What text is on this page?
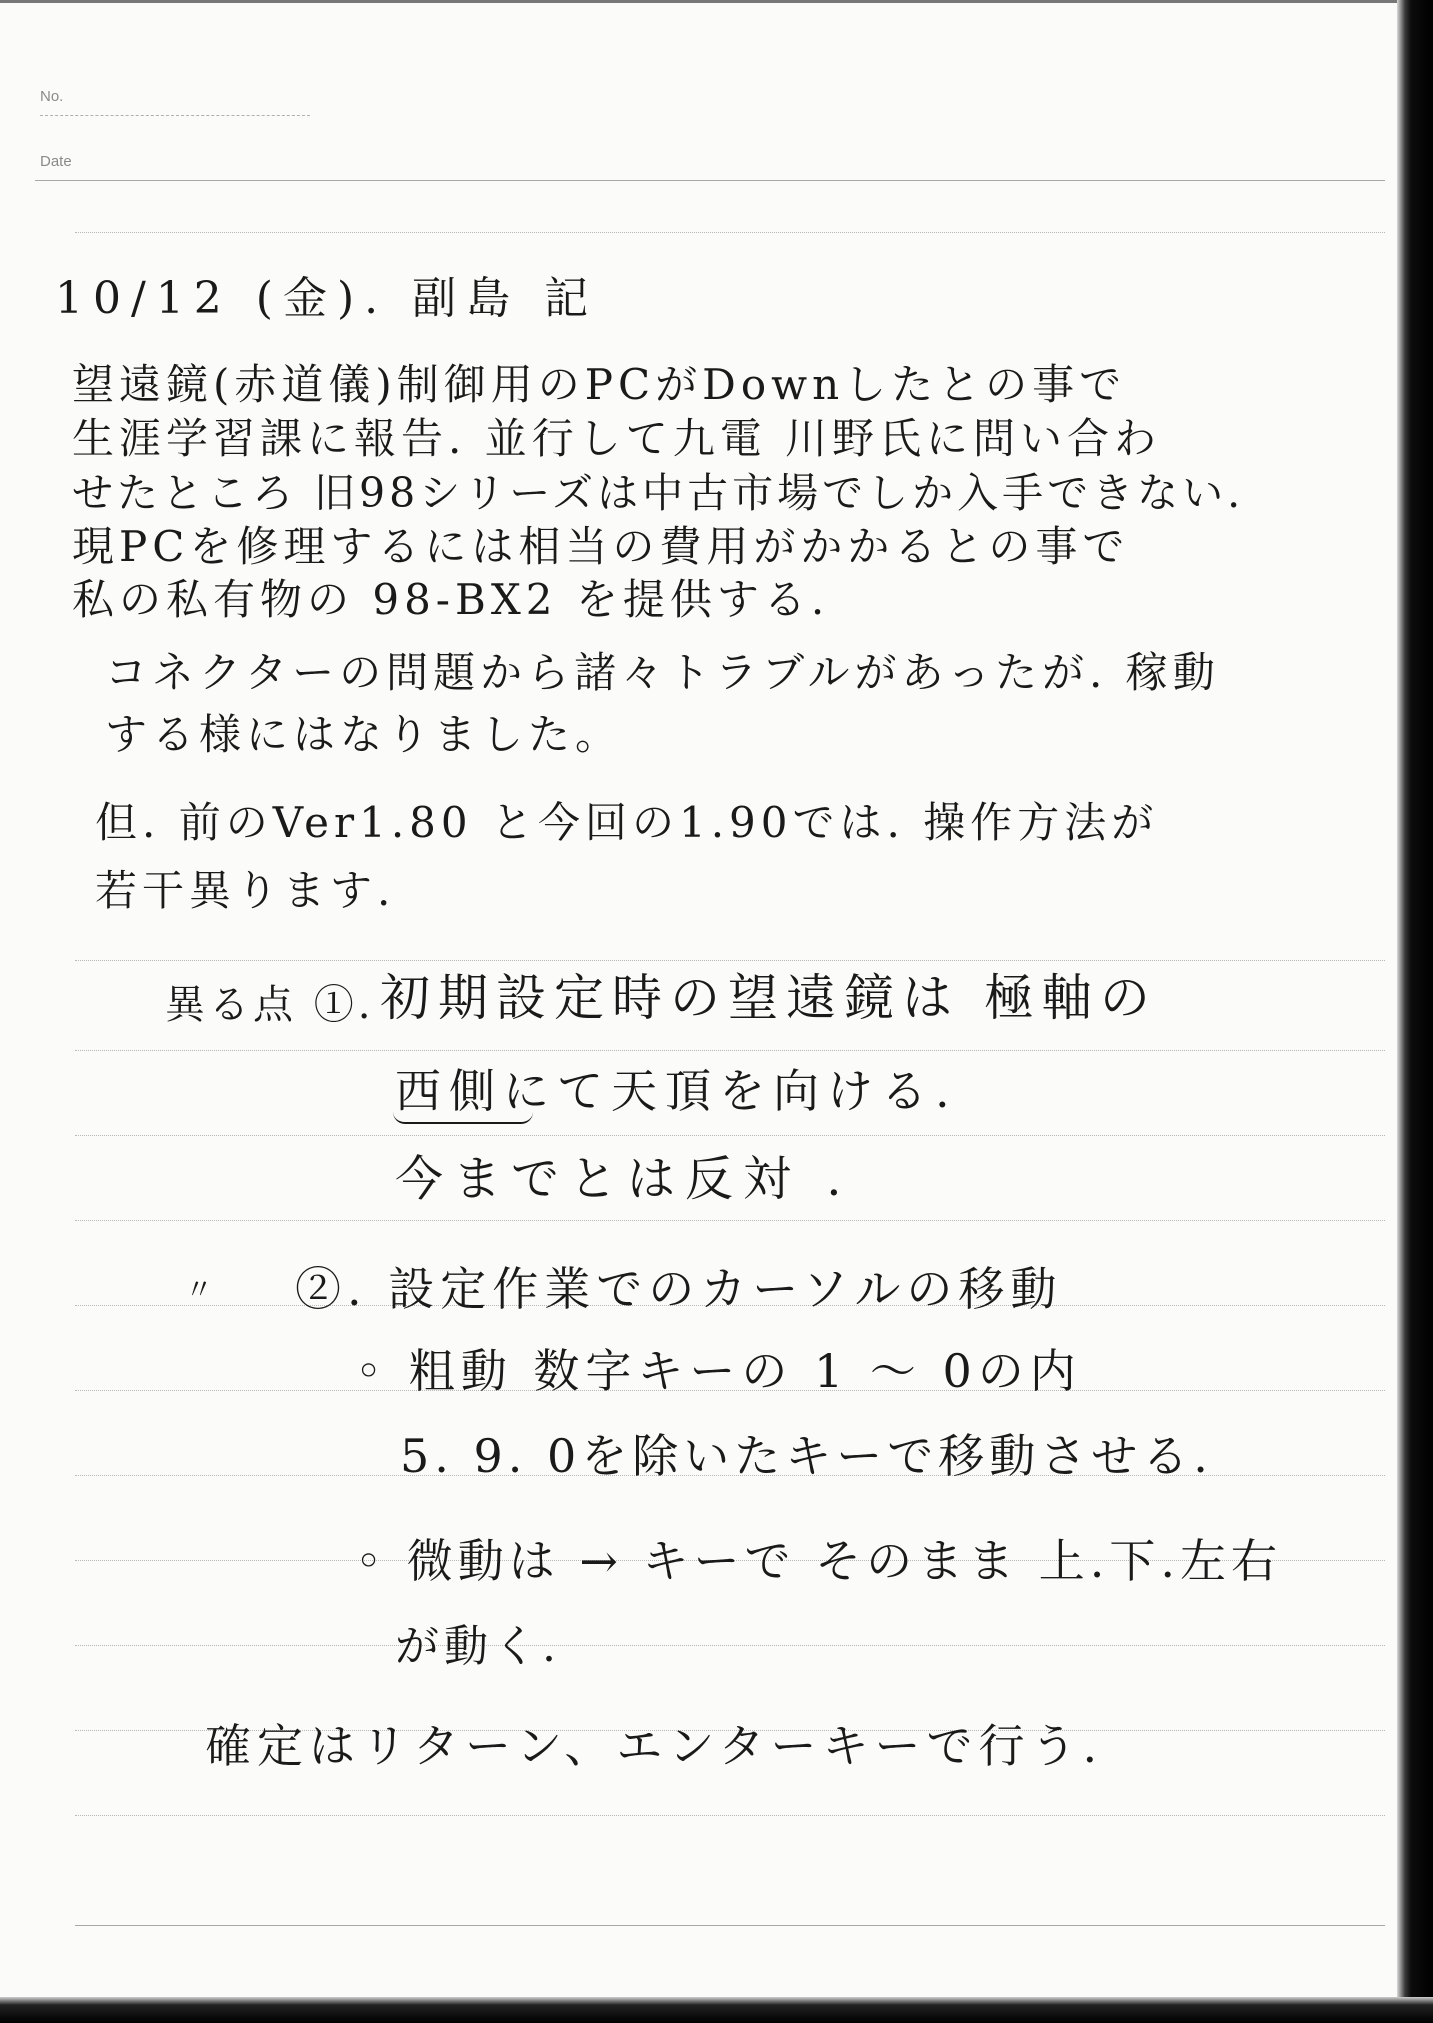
No.
Date
10/12 (金). 副島 記
望遠鏡(赤道儀)制御用のPCがDownしたとの事で
生涯学習課に報告. 並行して九電 川野氏に問い合わ
せたところ 旧98シリーズは中古市場でしか入手できない.
現PCを修理するには相当の費用がかかるとの事で
私の私有物の 98-BX2 を提供する.
コネクターの問題から諸々トラブルがあったが. 稼動
する様にはなりました。
但. 前のVer1.80 と今回の1.90では. 操作方法が
若干異ります.
異る点 ①. 初期設定時の望遠鏡は 極軸の
西側にて天頂を向ける.
今までとは反対 .
〃 ②. 設定作業でのカーソルの移動
◦ 粗動 数字キーの 1 〜 0の内
5. 9. 0を除いたキーで移動させる.
◦ 微動は → キーで そのまま 上.下.左右
が動く.
確定はリターン、エンターキーで行う.
